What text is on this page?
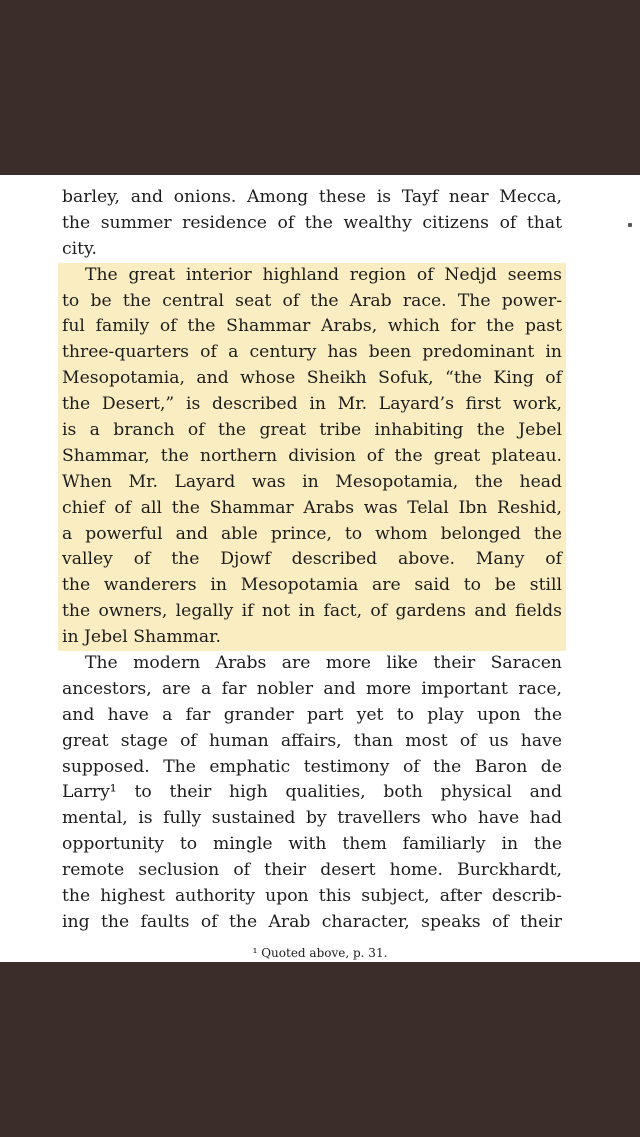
barley, and onions. Among these is Tayf near Mecca,
the summer residence of the wealthy citizens of that
city.
The great interior highland region of Nedjd seems
to be the central seat of the Arab race. The power-
ful family of the Shammar Arabs, which for the past
three-quarters of a century has been predominant in
Mesopotamia, and whose Sheikh Sofuk, “the King of
the Desert,” is described in Mr. Layard’s first work,
is a branch of the great tribe inhabiting the Jebel
Shammar, the northern division of the great plateau.
When Mr. Layard was in Mesopotamia, the head
chief of all the Shammar Arabs was Telal Ibn Reshid,
a powerful and able prince, to whom belonged the
valley of the Djowf described above. Many of
the wanderers in Mesopotamia are said to be still
the owners, legally if not in fact, of gardens and fields
in Jebel Shammar.
The modern Arabs are more like their Saracen
ancestors, are a far nobler and more important race,
and have a far grander part yet to play upon the
great stage of human affairs, than most of us have
supposed. The emphatic testimony of the Baron de
Larry¹ to their high qualities, both physical and
mental, is fully sustained by travellers who have had
opportunity to mingle with them familiarly in the
remote seclusion of their desert home. Burckhardt,
the highest authority upon this subject, after describ-
ing the faults of the Arab character, speaks of their
¹ Quoted above, p. 31.
